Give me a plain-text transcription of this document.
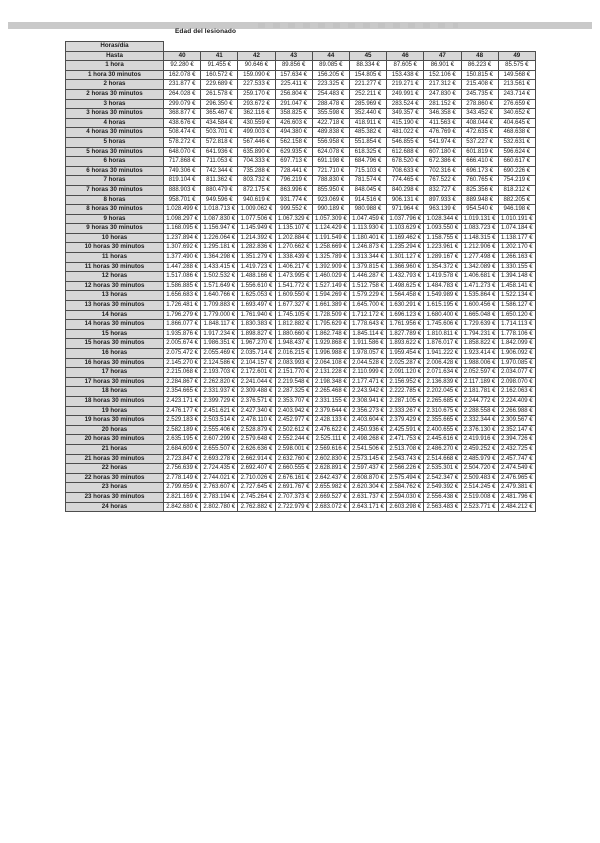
Edad del lesionado
Horas/día										
Hasta	40	41	42	43	44	45	46	47	48	49
1 hora	92.280 €	91.455 €	90.646 €	89.856 €	89.085 €	88.334 €	87.605 €	86.901 €	86.223 €	85.575 €
1 hora 30 minutos	162.078 €	160.572 €	159.090 €	157.634 €	156.205 €	154.805 €	153.438 €	152.106 €	150.815 €	149.568 €
2 horas	231.877 €	229.689 €	227.533 €	225.411 €	223.325 €	221.277 €	219.271 €	217.312 €	215.408 €	213.561 €
2 horas 30 minutos	264.028 €	261.578 €	259.170 €	256.804 €	254.483 €	252.211 €	249.991 €	247.830 €	245.735 €	243.714 €
3 horas	299.079 €	296.350 €	293.672 €	291.047 €	288.478 €	285.969 €	283.524 €	281.152 €	278.860 €	276.659 €
3 horas 30 minutos	368.877 €	365.467 €	362.116 €	358.825 €	355.598 €	352.440 €	349.357 €	346.358 €	343.452 €	340.652 €
4 horas	438.676 €	434.584 €	430.559 €	426.603 €	422.718 €	418.911 €	415.190 €	411.563 €	408.044 €	404.645 €
4 horas 30 minutos	508.474 €	503.701 €	499.003 €	494.380 €	489.838 €	485.382 €	481.022 €	476.769 €	472.635 €	468.638 €
5 horas	578.272 €	572.818 €	567.446 €	562.158 €	556.958 €	551.854 €	546.855 €	541.974 €	537.227 €	532.631 €
5 horas 30 minutos	648.070 €	641.936 €	635.890 €	629.935 €	624.078 €	618.325 €	612.688 €	607.180 €	601.819 €	596.624 €
6 horas	717.868 €	711.053 €	704.333 €	697.713 €	691.198 €	684.796 €	678.520 €	672.386 €	666.410 €	660.617 €
6 horas 30 minutos	749.306 €	742.344 €	735.288 €	728.441 €	721.710 €	715.103 €	708.633 €	702.316 €	696.173 €	690.226 €
7 horas	819.104 €	811.362 €	803.732 €	796.219 €	788.830 €	781.574 €	774.465 €	767.522 €	760.765 €	754.219 €
7 horas 30 minutos	888.903 €	880.479 €	872.175 €	863.996 €	855.950 €	848.045 €	840.298 €	832.727 €	825.356 €	818.212 €
8 horas	958.701 €	949.596 €	940.619 €	931.774 €	923.069 €	914.516 €	906.131 €	897.933 €	889.948 €	882.205 €
8 horas 30 minutos	1.028.499 €	1.018.713 €	1.009.062 €	999.552 €	990.189 €	980.988 €	971.964 €	963.139 €	954.540 €	946.198 €
9 horas	1.098.297 €	1.087.830 €	1.077.506 €	1.067.329 €	1.057.309 €	1.047.459 €	1.037.796 €	1.028.344 €	1.019.131 €	1.010.191 €
9 horas 30 minutos	1.168.095 €	1.156.947 €	1.145.949 €	1.135.107 €	1.124.429 €	1.113.930 €	1.103.629 €	1.093.550 €	1.083.723 €	1.074.184 €
10 horas	1.237.894 €	1.226.064 €	1.214.392 €	1.202.884 €	1.191.549 €	1.180.401 €	1.169.462 €	1.158.755 €	1.148.315 €	1.138.177 €
10 horas 30 minutos	1.307.692 €	1.295.181 €	1.282.836 €	1.270.662 €	1.258.669 €	1.246.873 €	1.235.294 €	1.223.961 €	1.212.906 €	1.202.170 €
11 horas	1.377.490 €	1.364.298 €	1.351.279 €	1.338.439 €	1.325.789 €	1.313.344 €	1.301.127 €	1.289.167 €	1.277.498 €	1.266.163 €
11 horas 30 minutos	1.447.288 €	1.433.415 €	1.419.723 €	1.406.217 €	1.392.909 €	1.379.815 €	1.366.960 €	1.354.372 €	1.342.089 €	1.330.155 €
12 horas	1.517.086 €	1.502.532 €	1.488.166 €	1.473.995 €	1.460.029 €	1.446.287 €	1.432.793 €	1.419.578 €	1.406.681 €	1.394.148 €
12 horas 30 minutos	1.586.885 €	1.571.649 €	1.556.610 €	1.541.772 €	1.527.149 €	1.512.758 €	1.498.625 €	1.484.783 €	1.471.273 €	1.458.141 €
13 horas	1.656.683 €	1.640.766 €	1.625.053 €	1.609.550 €	1.594.269 €	1.579.229 €	1.564.458 €	1.549.989 €	1.535.864 €	1.522.134 €
13 horas 30 minutos	1.726.481 €	1.709.883 €	1.693.497 €	1.677.327 €	1.661.389 €	1.645.700 €	1.630.291 €	1.615.195 €	1.600.456 €	1.586.127 €
14 horas	1.796.279 €	1.779.000 €	1.761.940 €	1.745.105 €	1.728.509 €	1.712.172 €	1.696.123 €	1.680.400 €	1.665.048 €	1.650.120 €
14 horas 30 minutos	1.866.077 €	1.848.117 €	1.830.383 €	1.812.882 €	1.795.629 €	1.778.643 €	1.761.956 €	1.745.606 €	1.729.639 €	1.714.113 €
15 horas	1.935.876 €	1.917.234 €	1.898.827 €	1.880.660 €	1.862.748 €	1.845.114 €	1.827.789 €	1.810.811 €	1.794.231 €	1.778.106 €
15 horas 30 minutos	2.005.674 €	1.986.351 €	1.967.270 €	1.948.437 €	1.929.868 €	1.911.586 €	1.893.622 €	1.876.017 €	1.858.822 €	1.842.099 €
16 horas	2.075.472 €	2.055.469 €	2.035.714 €	2.016.215 €	1.996.988 €	1.978.057 €	1.959.454 €	1.941.222 €	1.923.414 €	1.906.092 €
16 horas 30 minutos	2.145.270 €	2.124.586 €	2.104.157 €	2.083.993 €	2.064.108 €	2.044.528 €	2.025.287 €	2.006.428 €	1.988.006 €	1.970.085 €
17 horas	2.215.068 €	2.193.703 €	2.172.601 €	2.151.770 €	2.131.228 €	2.110.999 €	2.091.120 €	2.071.634 €	2.052.597 €	2.034.077 €
17 horas 30 minutos	2.284.867 €	2.262.820 €	2.241.044 €	2.219.548 €	2.198.348 €	2.177.471 €	2.156.952 €	2.136.839 €	2.117.189 €	2.098.070 €
18 horas	2.354.665 €	2.331.937 €	2.309.488 €	2.287.325 €	2.265.468 €	2.243.942 €	2.222.785 €	2.202.045 €	2.181.781 €	2.162.063 €
18 horas 30 minutos	2.423.171 €	2.399.729 €	2.376.571 €	2.353.707 €	2.331.155 €	2.308.941 €	2.287.105 €	2.265.685 €	2.244.772 €	2.224.409 €
19 horas	2.476.177 €	2.451.621 €	2.427.340 €	2.403.942 €	2.379.644 €	2.356.273 €	2.333.267 €	2.310.675 €	2.288.558 €	2.266.988 €
19 horas 30 minutos	2.529.183 €	2.503.514 €	2.478.110 €	2.452.977 €	2.428.133 €	2.403.604 €	2.379.429 €	2.355.665 €	2.332.344 €	2.309.567 €
20 horas	2.582.189 €	2.555.406 €	2.528.879 €	2.502.612 €	2.476.622 €	2.450.936 €	2.425.591 €	2.400.655 €	2.376.130 €	2.352.147 €
20 horas 30 minutos	2.635.195 €	2.607.299 €	2.579.648 €	2.552.244 €	2.525.111 €	2.498.268 €	2.471.753 €	2.445.616 €	2.419.916 €	2.394.726 €
21 horas	2.684.609 €	2.655.507 €	2.626.636 €	2.598.001 €	2.569.616 €	2.541.506 €	2.513.708 €	2.486.270 €	2.459.252 €	2.432.725 €
21 horas 30 minutos	2.723.847 €	2.693.278 €	2.662.914 €	2.632.760 €	2.602.830 €	2.573.145 €	2.543.743 €	2.514.668 €	2.485.979 €	2.457.747 €
22 horas	2.756.639 €	2.724.435 €	2.692.407 €	2.660.555 €	2.628.891 €	2.597.437 €	2.566.226 €	2.535.301 €	2.504.720 €	2.474.549 €
22 horas 30 minutos	2.778.149 €	2.744.021 €	2.710.026 €	2.676.161 €	2.642.437 €	2.608.870 €	2.575.494 €	2.542.347 €	2.509.483 €	2.476.965 €
23 horas	2.799.659 €	2.763.607 €	2.727.645 €	2.691.767 €	2.655.982 €	2.620.304 €	2.584.762 €	2.549.392 €	2.514.245 €	2.479.381 €
23 horas 30 minutos	2.821.169 €	2.783.194 €	2.745.264 €	2.707.373 €	2.669.527 €	2.631.737 €	2.594.030 €	2.556.438 €	2.519.008 €	2.481.796 €
24 horas	2.842.680 €	2.802.780 €	2.762.882 €	2.722.979 €	2.683.072 €	2.643.171 €	2.603.298 €	2.563.483 €	2.523.771 €	2.484.212 €
